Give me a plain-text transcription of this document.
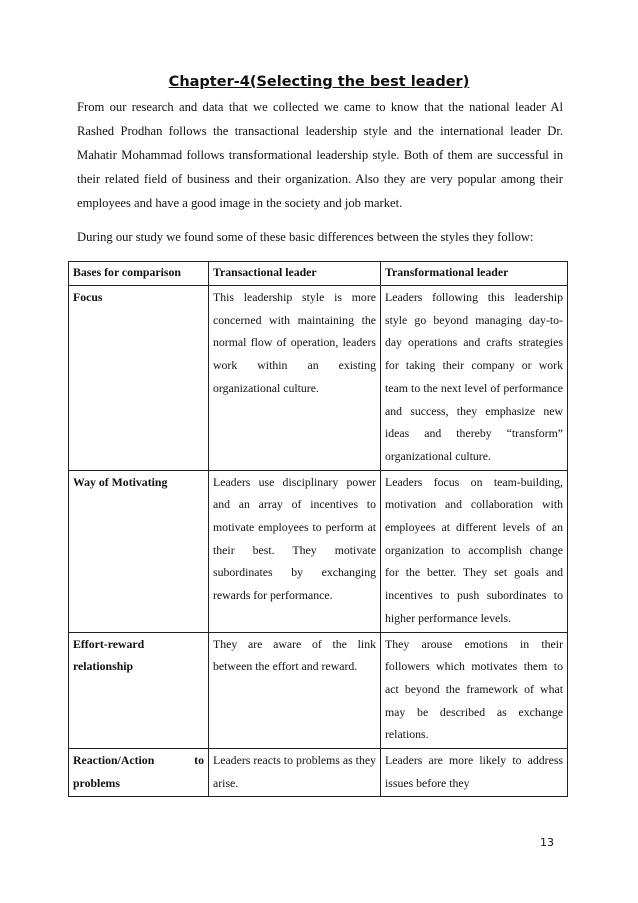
Chapter-4(Selecting the best leader)

From our research and data that we collected we came to know that the national leader Al Rashed Prodhan follows the transactional leadership style and the international leader Dr. Mahatir Mohammad follows transformational leadership style. Both of them are successful in their related field of business and their organization. Also they are very popular among their employees and have a good image in the society and job market.

During our study we found some of these basic differences between the styles they follow:

Bases for comparison	Transactional leader	Transformational leader
Focus	This leadership style is more concerned with maintaining the normal flow of operation, leaders work within an existing organizational culture.	Leaders following this leadership style go beyond managing day-to-day operations and crafts strategies for taking their company or work team to the next level of performance and success, they emphasize new ideas and thereby “transform” organizational culture.
Way of Motivating	Leaders use disciplinary power and an array of incentives to motivate employees to perform at their best. They motivate subordinates by exchanging rewards for performance.	Leaders focus on team-building, motivation and collaboration with employees at different levels of an organization to accomplish change for the better. They set goals and incentives to push subordinates to higher performance levels.
Effort-reward relationship	They are aware of the link between the effort and reward.	They arouse emotions in their followers which motivates them to act beyond the framework of what may be described as exchange relations.
Reaction/Action to problems	Leaders reacts to problems as they arise.	Leaders are more likely to address issues before they
13
